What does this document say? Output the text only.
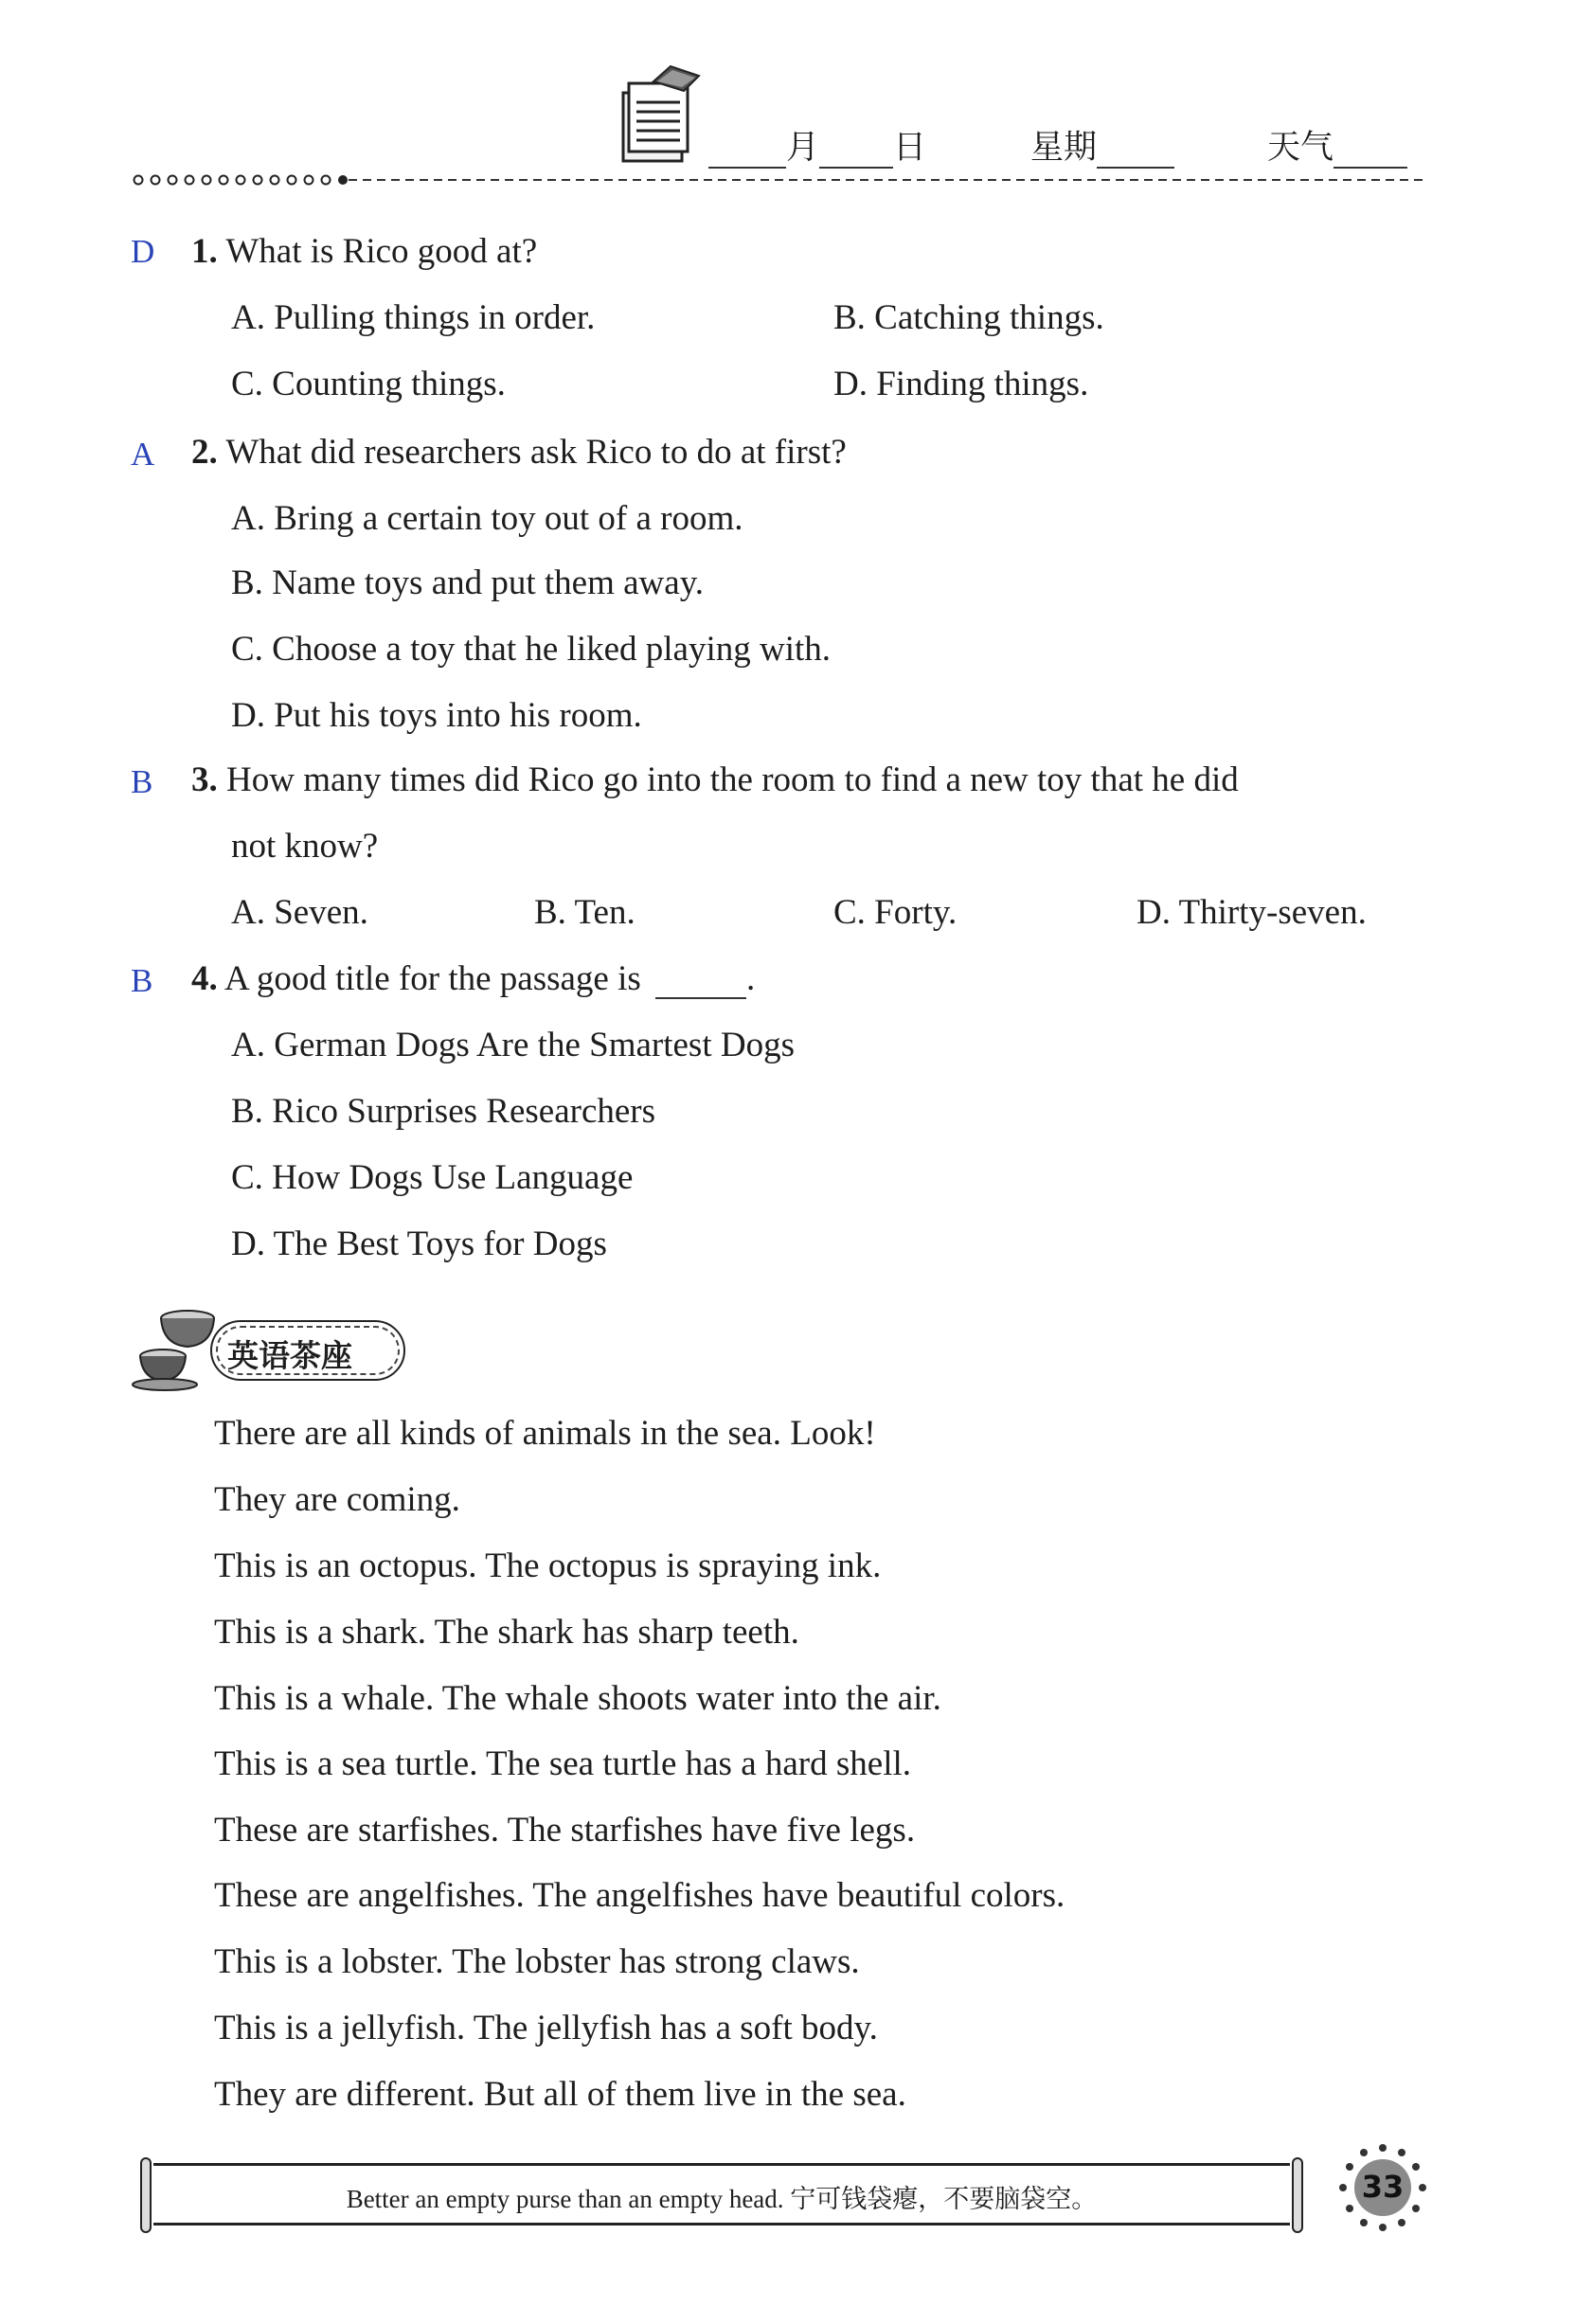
月 日	星期	天气
D 1. What is Rico good at?
A. Pulling things in order.	B. Catching things.
C. Counting things.	D. Finding things.
A 2. What did researchers ask Rico to do at first?
A. Bring a certain toy out of a room.
B. Name toys and put them away.
C. Choose a toy that he liked playing with.
D. Put his toys into his room.
B 3. How many times did Rico go into the room to find a new toy that he did
not know?
A. Seven.	B. Ten.	C. Forty.	D. Thirty-seven.
B 4. A good title for the passage is	.
A. German Dogs Are the Smartest Dogs
B. Rico Surprises Researchers
C. How Dogs Use Language
D. The Best Toys for Dogs
英语茶座
There are all kinds of animals in the sea. Look!
They are coming.
This is an octopus. The octopus is spraying ink.
This is a shark. The shark has sharp teeth.
This is a whale. The whale shoots water into the air.
This is a sea turtle. The sea turtle has a hard shell.
These are starfishes. The starfishes have five legs.
These are angelfishes. The angelfishes have beautiful colors.
This is a lobster. The lobster has strong claws.
This is a jellyfish. The jellyfish has a soft body.
They are different. But all of them live in the sea.
Better an empty purse than an empty head. 宁可钱袋瘪，不要脑袋空。	33
